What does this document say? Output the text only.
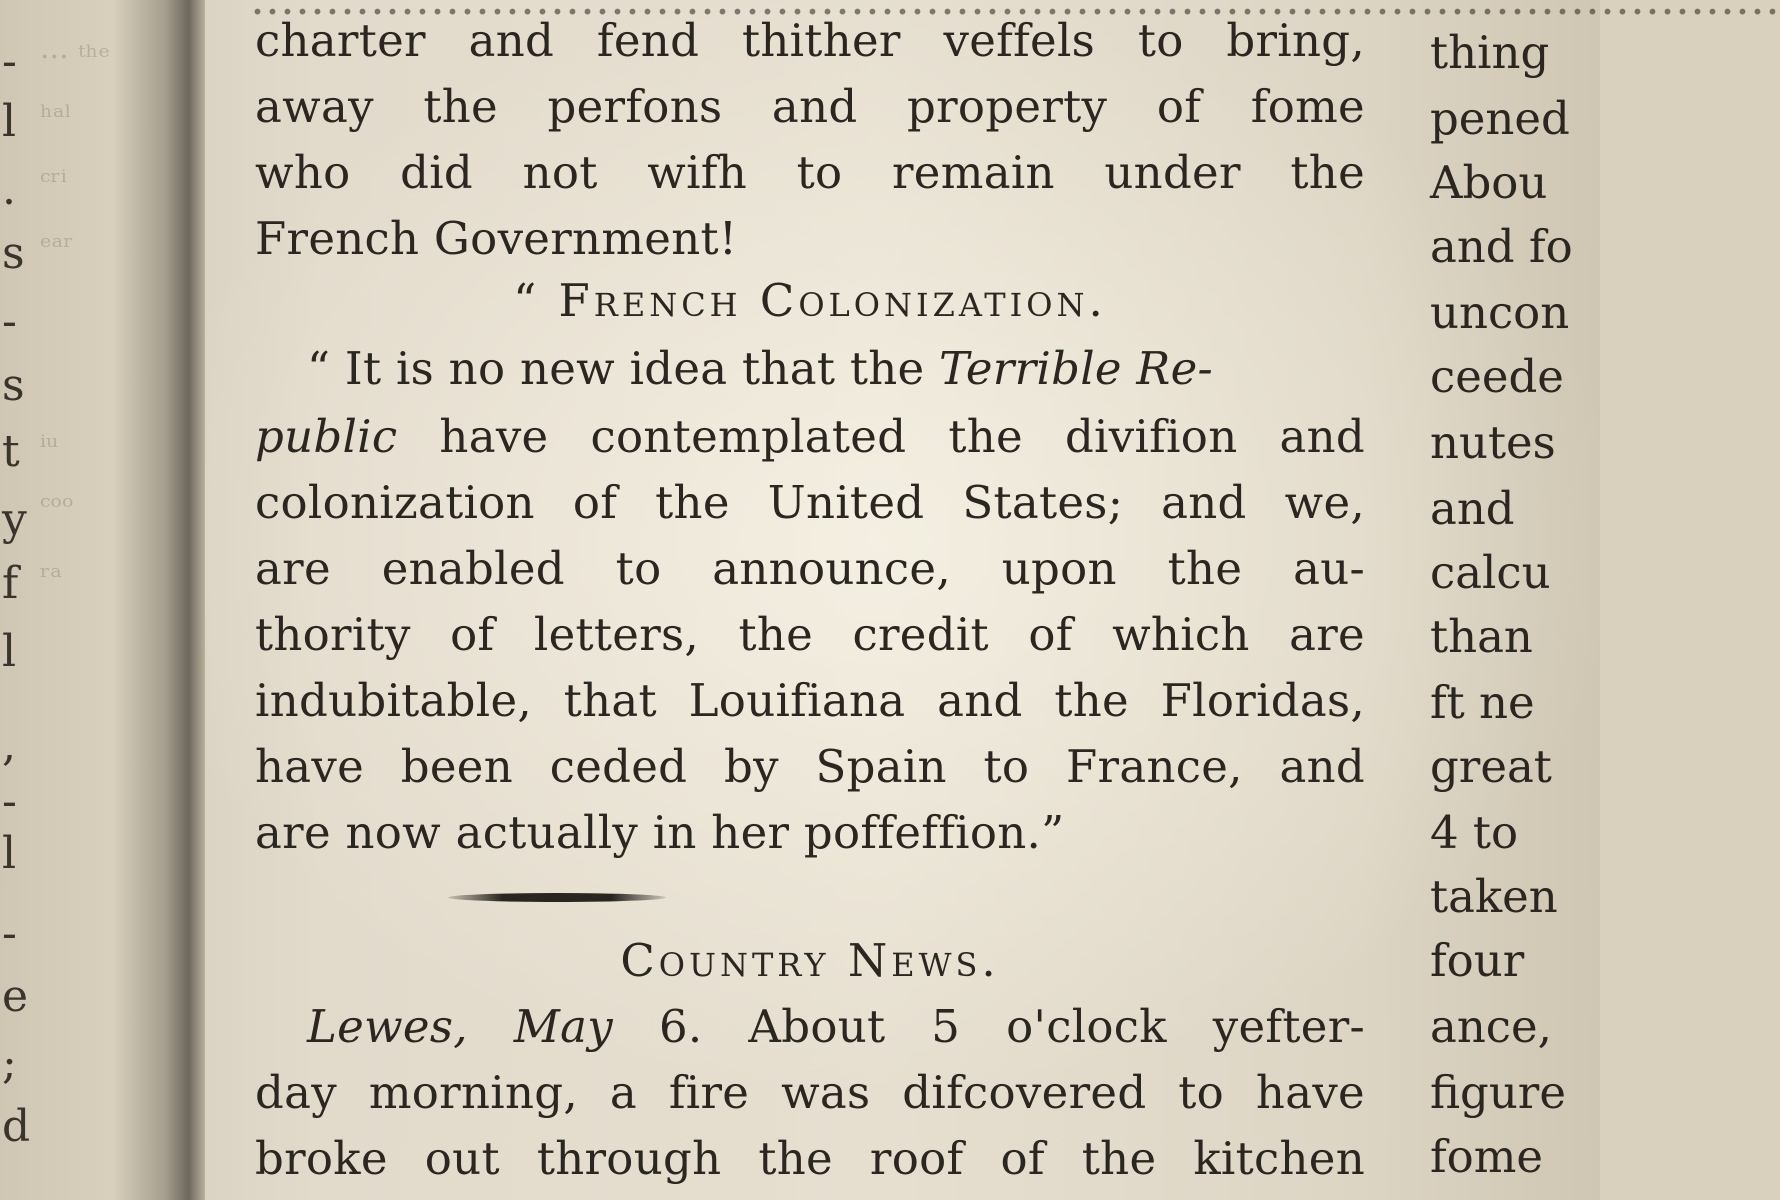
-
l
.
s
-
s
t
y
f
l
,
-
l
-
e
;
d
··· ᵗʰᵉ
ʰᵃˡ
ᶜʳⁱ
ᵉᵃʳ
ⁱᵘ
ᶜᵒᵒ
ʳᵃ
charter and fend thither veffels to bring,
away the perfons and property of fome
who did not wifh to remain under the
French Government!
“ French Colonization.
“ It is no new idea that the Terrible Re-
public have contemplated the divifion and
colonization of the United States; and we,
are enabled to announce, upon the au-
thority of letters, the credit of which are
indubitable, that Louifiana and the Floridas,
have been ceded by Spain to France, and
are now actually in her poffeffion.”
Country News.
Lewes, May 6. About 5 o'clock yefter-
day morning, a fire was difcovered to have
broke out through the roof of the kitchen
thing
pened
Abou
and fo
uncon
ceede
nutes
and
calcu
than
ft ne
great
4 to
taken
four
ance,
figure
fome
